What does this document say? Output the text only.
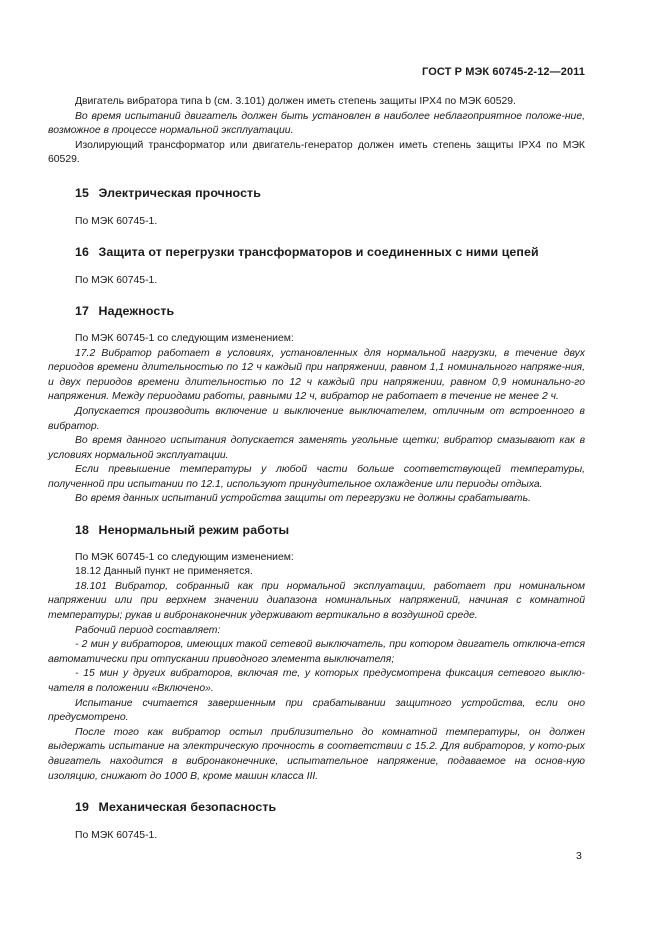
ГОСТ Р МЭК 60745-2-12—2011

Двигатель вибратора типа b (см. 3.101) должен иметь степень защиты IPX4 по МЭК 60529.

Во время испытаний двигатель должен быть установлен в наиболее неблагоприятное положе-ние, возможное в процессе нормальной эксплуатации.

Изолирующий трансформатор или двигатель-генератор должен иметь степень защиты IPX4 по МЭК 60529.

15 Электрическая прочность

По МЭК 60745-1.

16 Защита от перегрузки трансформаторов и соединенных с ними цепей

По МЭК 60745-1.

17 Надежность

По МЭК 60745-1 со следующим изменением:

17.2 Вибратор работает в условиях, установленных для нормальной нагрузки, в течение двух периодов времени длительностью по 12 ч каждый при напряжении, равном 1,1 номинального напряже-ния, и двух периодов времени длительностью по 12 ч каждый при напряжении, равном 0,9 номинально-го напряжения. Между периодами работы, равными 12 ч, вибратор не работает в течение не менее 2 ч.

Допускается производить включение и выключение выключателем, отличным от встроенного в вибратор.

Во время данного испытания допускается заменять угольные щетки; вибратор смазывают как в условиях нормальной эксплуатации.

Если превышение температуры у любой части больше соответствующей температуры, полученной при испытании по 12.1, используют принудительное охлаждение или периоды отдыха.

Во время данных испытаний устройства защиты от перегрузки не должны срабатывать.

18 Ненормальный режим работы

По МЭК 60745-1 со следующим изменением:

18.12 Данный пункт не применяется.

18.101 Вибратор, собранный как при нормальной эксплуатации, работает при номинальном напряжении или при верхнем значении диапазона номинальных напряжений, начиная с комнатной температуры; рукав и вибронаконечник удерживают вертикально в воздушной среде.

Рабочий период составляет:

- 2 мин у вибраторов, имеющих такой сетевой выключатель, при котором двигатель отключа-ется автоматически при отпускании приводного элемента выключателя;

- 15 мин у других вибраторов, включая те, у которых предусмотрена фиксация сетевого выклю-чателя в положении «Включено».

Испытание считается завершенным при срабатывании защитного устройства, если оно предусмотрено.

После того как вибратор остыл приблизительно до комнатной температуры, он должен выдержать испытание на электрическую прочность в соответствии с 15.2. Для вибраторов, у кото-рых двигатель находится в вибронаконечнике, испытательное напряжение, подаваемое на основ-ную изоляцию, снижают до 1000 В, кроме машин класса III.

19 Механическая безопасность

По МЭК 60745-1.

3
